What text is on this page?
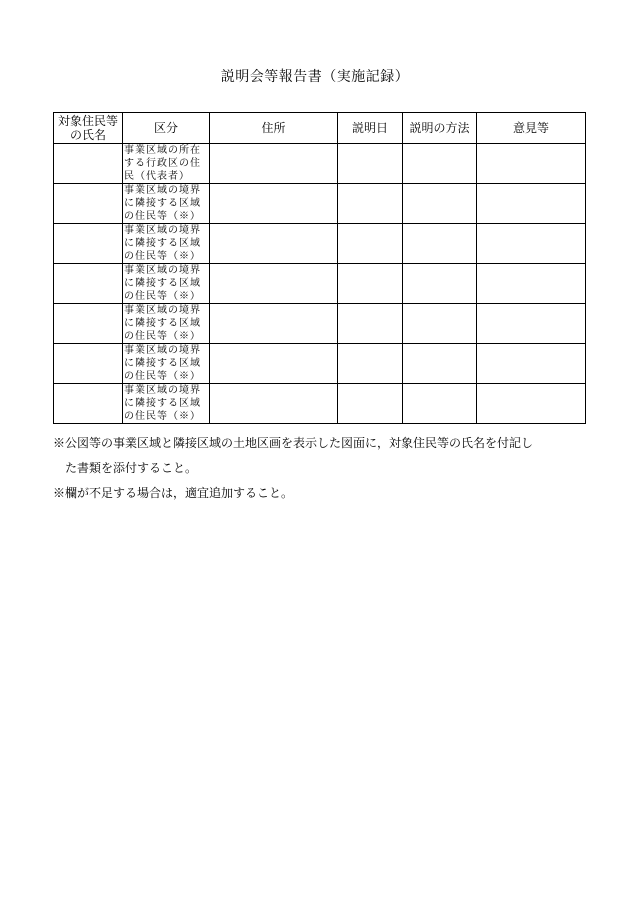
説明会等報告書（実施記録）
対象住民等の氏名	区分	住所	説明日	説明の方法	意見等
	事業区域の所在する行政区の住民（代表者）				
	事業区域の境界に隣接する区域の住民等（※）				
	事業区域の境界に隣接する区域の住民等（※）				
	事業区域の境界に隣接する区域の住民等（※）				
	事業区域の境界に隣接する区域の住民等（※）				
	事業区域の境界に隣接する区域の住民等（※）				
	事業区域の境界に隣接する区域の住民等（※）				
※公図等の事業区域と隣接区域の土地区画を表示した図面に，対象住民等の氏名を付記し
た書類を添付すること。
※欄が不足する場合は，適宜追加すること。
